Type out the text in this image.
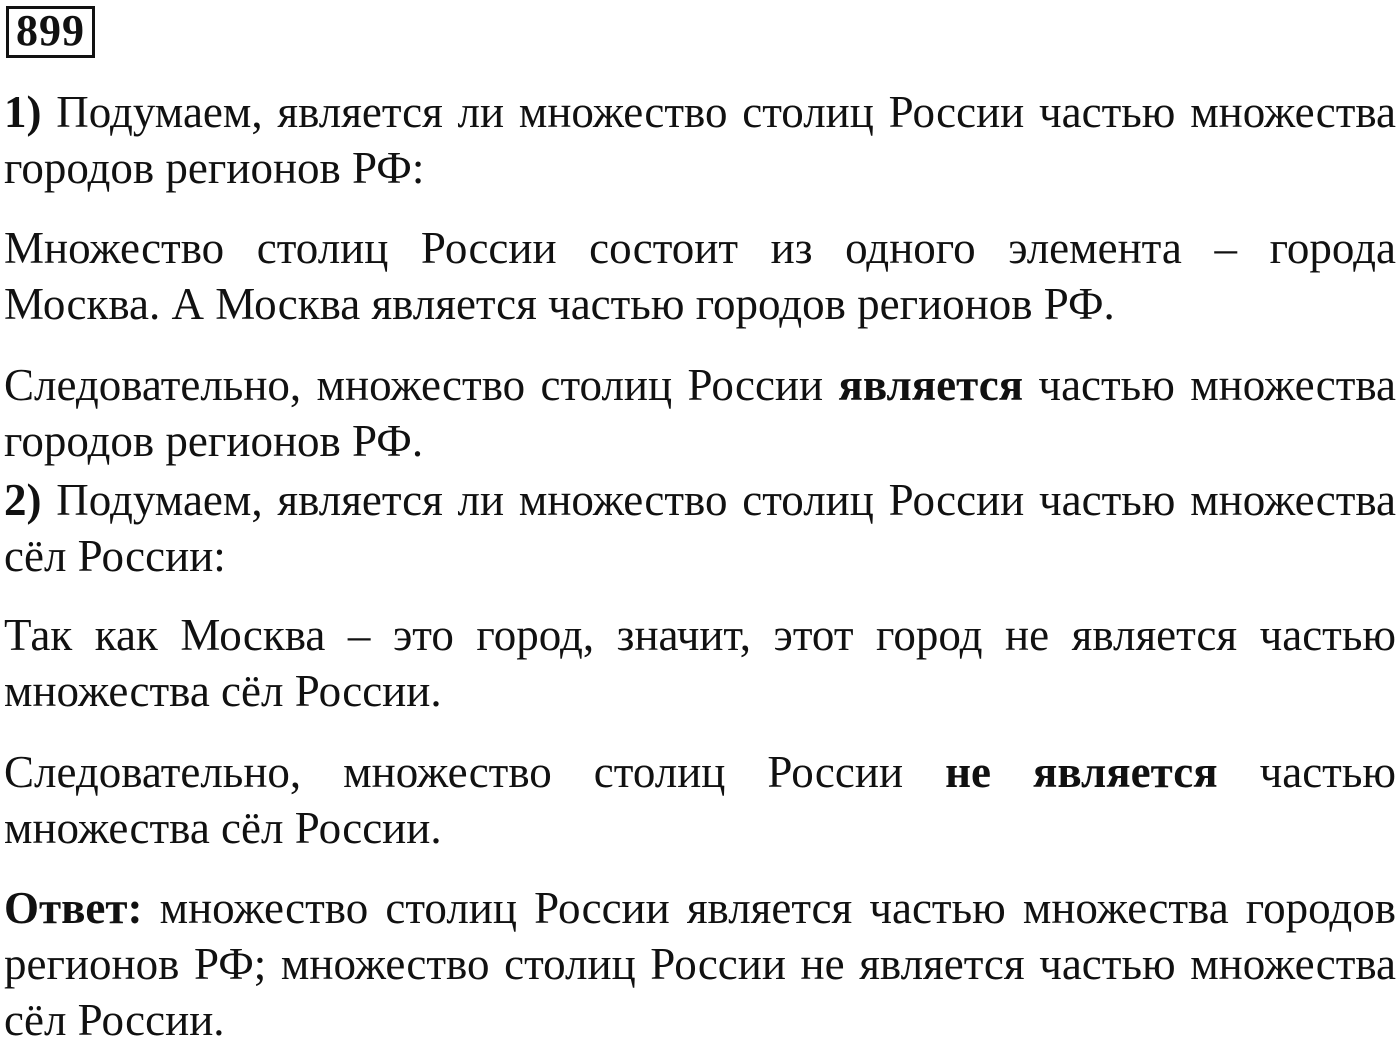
899
1) Подумаем, является ли множество столиц России частью множества
городов регионов РФ:
Множество столиц России состоит из одного элемента – города
Москва. А Москва является частью городов регионов РФ.
Следовательно, множество столиц России является частью множества
городов регионов РФ.
2) Подумаем, является ли множество столиц России частью множества
сёл России:
Так как Москва – это город, значит, этот город не является частью
множества сёл России.
Следовательно, множество столиц России не является частью
множества сёл России.
Ответ: множество столиц России является частью множества городов
регионов РФ; множество столиц России не является частью множества
сёл России.
